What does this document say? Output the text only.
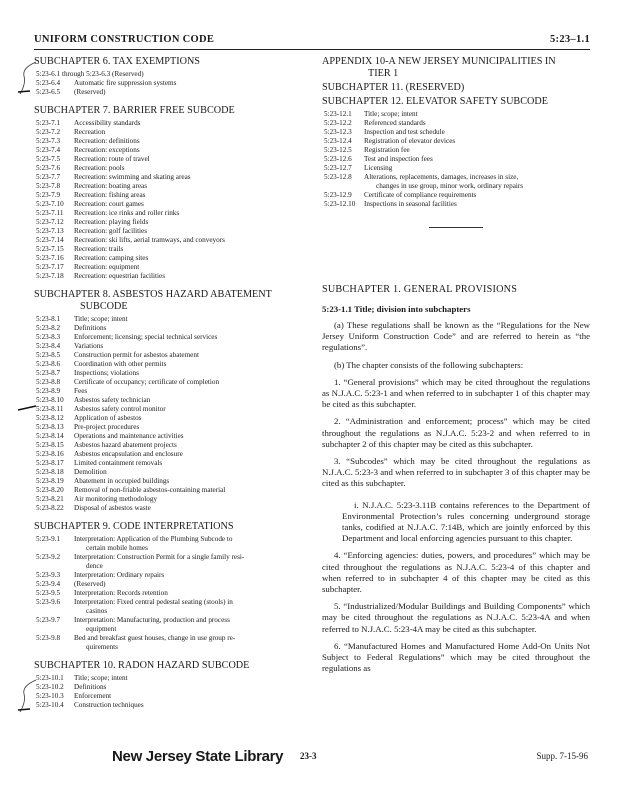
UNIFORM CONSTRUCTION CODE	5:23–1.1
SUBCHAPTER 6. TAX EXEMPTIONS
5:23-6.1 through 5:23-6.3 (Reserved)
5:23-6.4	Automatic fire suppression systems
5:23-6.5	(Reserved)
SUBCHAPTER 7. BARRIER FREE SUBCODE
5:23-7.1	Accessibility standards
5:23-7.2	Recreation
5:23-7.3	Recreation: definitions
5:23-7.4	Recreation: exceptions
5:23-7.5	Recreation: route of travel
5:23-7.6	Recreation: pools
5:23-7.7	Recreation: swimming and skating areas
5:23-7.8	Recreation: boating areas
5:23-7.9	Recreation: fishing areas
5:23-7.10	Recreation: court games
5:23-7.11	Recreation: ice rinks and roller rinks
5:23-7.12	Recreation: playing fields
5:23-7.13	Recreation: golf facilities
5:23-7.14	Recreation: ski lifts, aerial tramways, and conveyors
5:23-7.15	Recreation: trails
5:23-7.16	Recreation: camping sites
5:23-7.17	Recreation: equipment
5:23-7.18	Recreation: equestrian facilities
SUBCHAPTER 8. ASBESTOS HAZARD ABATEMENT
SUBCODE
5:23-8.1	Title; scope; intent
5:23-8.2	Definitions
5:23-8.3	Enforcement; licensing; special technical services
5:23-8.4	Variations
5:23-8.5	Construction permit for asbestos abatement
5:23-8.6	Coordination with other permits
5:23-8.7	Inspections; violations
5:23-8.8	Certificate of occupancy; certificate of completion
5:23-8.9	Fees
5:23-8.10	Asbestos safety technician
5:23-8.11	Asbestos safety control monitor
5:23-8.12	Application of asbestos
5:23-8.13	Pre-project procedures
5:23-8.14	Operations and maintenance activities
5:23-8.15	Asbestos hazard abatement projects
5:23-8.16	Asbestos encapsulation and enclosure
5:23-8.17	Limited containment removals
5:23-8.18	Demolition
5:23-8.19	Abatement in occupied buildings
5:23-8.20	Removal of non-friable asbestos-containing material
5:23-8.21	Air monitoring methodology
5:23-8.22	Disposal of asbestos waste
SUBCHAPTER 9. CODE INTERPRETATIONS
5:23-9.1	Interpretation: Application of the Plumbing Subcode to
certain mobile homes
5:23-9.2	Interpretation: Construction Permit for a single family resi-
dence
5:23-9.3	Interpretation: Ordinary repairs
5:23-9.4	(Reserved)
5:23-9.5	Interpretation: Records retention
5:23-9.6	Interpretation: Fixed central pedestal seating (stools) in
casinos
5:23-9.7	Interpretation: Manufacturing, production and process
equipment
5:23-9.8	Bed and breakfast guest houses, change in use group re-
quirements
SUBCHAPTER 10. RADON HAZARD SUBCODE
5:23-10.1	Title; scope; intent
5:23-10.2	Definitions
5:23-10.3	Enforcement
5:23-10.4	Construction techniques
APPENDIX 10-A NEW JERSEY MUNICIPALITIES IN
TIER 1
SUBCHAPTER 11. (RESERVED)
SUBCHAPTER 12. ELEVATOR SAFETY SUBCODE
5:23-12.1	Title; scope; intent
5:23-12.2	Referenced standards
5:23-12.3	Inspection and test schedule
5:23-12.4	Registration of elevator devices
5:23-12.5	Registration fee
5:23-12.6	Test and inspection fees
5:23-12.7	Licensing
5:23-12.8	Alterations, replacements, damages, increases in size,
changes in use group, minor work, ordinary repairs
5:23-12.9	Certificate of compliance requirements
5:23-12.10	Inspections in seasonal facilities
SUBCHAPTER 1. GENERAL PROVISIONS
5:23-1.1 Title; division into subchapters

(a) These regulations shall be known as the “Regulations for the New Jersey Uniform Construction Code” and are referred to herein as “the regulations”.

(b) The chapter consists of the following subchapters:

1. “General provisions” which may be cited throughout the regulations as N.J.A.C. 5:23-1 and when referred to in subchapter 1 of this chapter may be cited as this subchapter.

2. “Administration and enforcement; process” which may be cited throughout the regulations as N.J.A.C. 5:23-2 and when referred to in subchapter 2 of this chapter may be cited as this subchapter.

3. “Subcodes” which may be cited throughout the regulations as N.J.A.C. 5:23-3 and when referred to in subchapter 3 of this chapter may be cited as this subchapter.

i. N.J.A.C. 5:23-3.11B contains references to the Department of Environmental Protection’s rules concerning underground storage tanks, codified at N.J.A.C. 7:14B, which are jointly enforced by this Department and local enforcing agencies pursuant to this chapter.

4. “Enforcing agencies: duties, powers, and procedures” which may be cited throughout the regulations as N.J.A.C. 5:23-4 of this chapter and when referred to in subchapter 4 of this chapter may be cited as this subchapter.

5. “Industrialized/Modular Buildings and Building Components” which may be cited throughout the regulations as N.J.A.C. 5:23-4A and when referred to N.J.A.C. 5:23-4A may be cited as this subchapter.

6. “Manufactured Homes and Manufactured Home Add-On Units Not Subject to Federal Regulations” which may be cited throughout the regulations as

New Jersey State Library 23-3	Supp. 7-15-96
